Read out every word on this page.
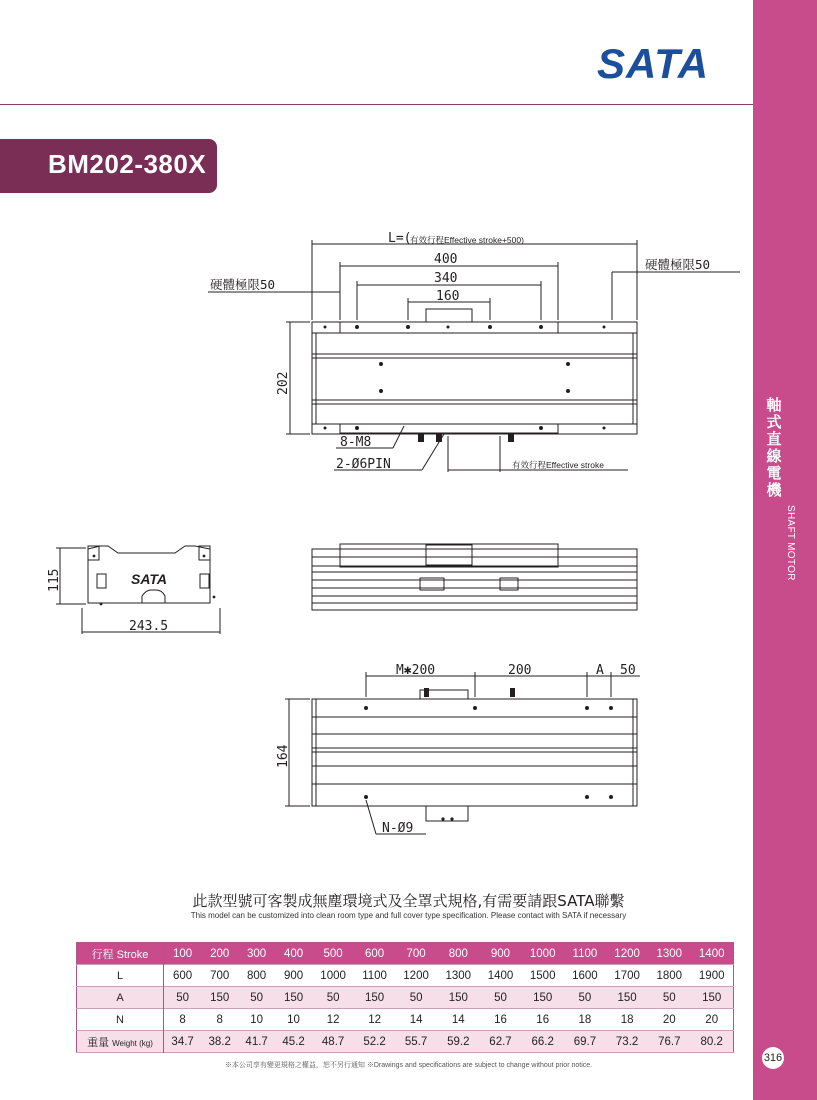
軸式直線電機
SHAFT MOTOR
316
SATA
BM202-380X
L=(
有效行程Effective stroke+500)
400
340
160
硬體極限50
硬體極限50
202
8-M8
2-Ø6PIN	有效行程Effective stroke
SATA
115
243.5
M✱200	200	A 50
164
N-Ø9
此款型號可客製成無塵環境式及全罩式規格,有需要請跟SATA聯繫
This model can be customized into clean room type and full cover type specification. Please contact with SATA if necessary
行程 Stroke	100	200	300	400	500	600	700	800	900	1000	1100	1200	1300	1400
L	600	700	800	900	1000	1100	1200	1300	1400	1500	1600	1700	1800	1900
A	50	150	50	150	50	150	50	150	50	150	50	150	50	150
N	8	8	10	10	12	12	14	14	16	16	18	18	20	20
重量 Weight (kg)	34.7	38.2	41.7	45.2	48.7	52.2	55.7	59.2	62.7	66.2	69.7	73.2	76.7	80.2
※本公司享有變更規格之權益，恕不另行通知 ※Drawings and specifications are subject to change without prior notice.
